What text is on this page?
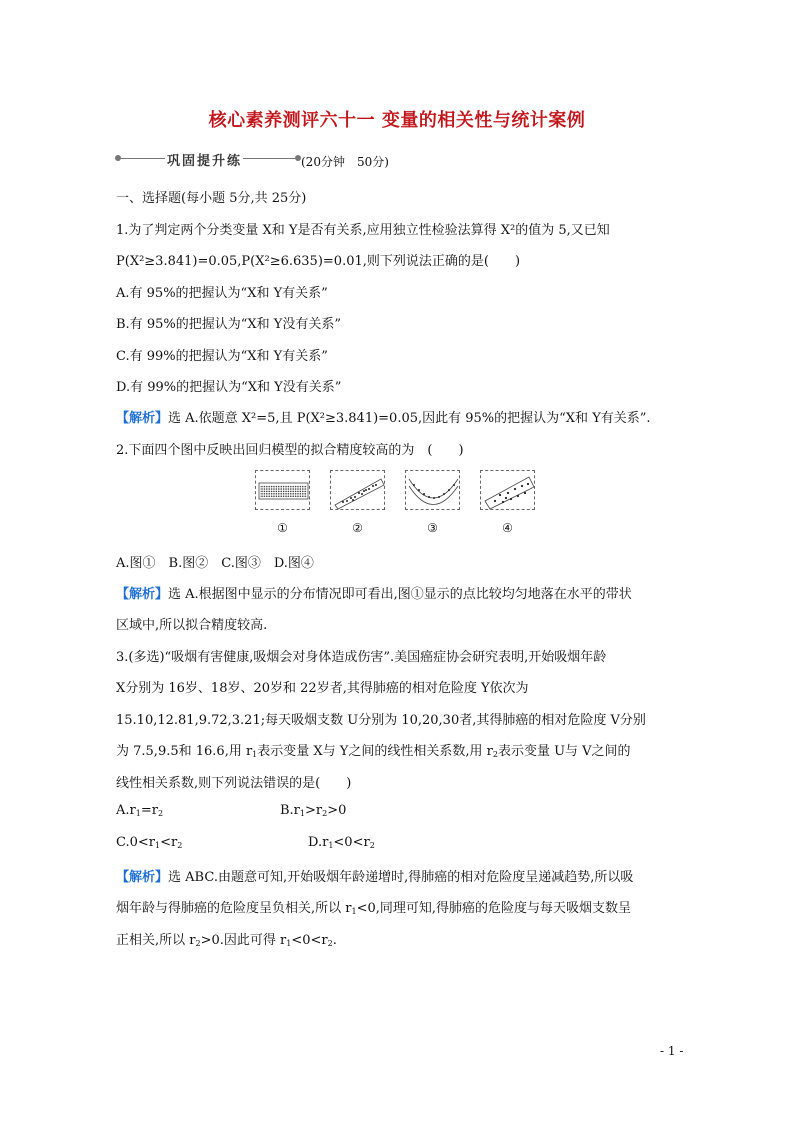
核心素养测评六十一 变量的相关性与统计案例
巩固提升练	(20分钟　50分)
一、选择题(每小题 5分,共 25分)
1.为了判定两个分类变量 X和 Y是否有关系,应用独立性检验法算得 Χ²的值为 5,又已知
P(Χ²≥3.841)=0.05,P(Χ²≥6.635)=0.01,则下列说法正确的是(　　)
A.有 95%的把握认为“X和 Y有关系”
B.有 95%的把握认为“X和 Y没有关系”
C.有 99%的把握认为“X和 Y有关系”
D.有 99%的把握认为“X和 Y没有关系”
【解析】选 A.依题意 Χ²=5,且 P(Χ²≥3.841)=0.05,因此有 95%的把握认为“X和 Y有关系”.
2.下面四个图中反映出回归模型的拟合精度较高的为　(　　)
①	②	③	④
A.图①　B.图②　C.图③　D.图④
【解析】选 A.根据图中显示的分布情况即可看出,图①显示的点比较均匀地落在水平的带状
区域中,所以拟合精度较高.
3.(多选)“吸烟有害健康,吸烟会对身体造成伤害”.美国癌症协会研究表明,开始吸烟年龄
X分别为 16岁、18岁、20岁和 22岁者,其得肺癌的相对危险度 Y依次为
15.10,12.81,9.72,3.21;每天吸烟支数 U分别为 10,20,30者,其得肺癌的相对危险度 V分别
为 7.5,9.5和 16.6,用 $r_1$表示变量 X与 Y之间的线性相关系数,用 $r_2$表示变量 U与 V之间的
线性相关系数,则下列说法错误的是(　　)
$A.r_1=r_2$	$B.r_1>r_2>0$
$C.0<r_1<r_2$	$D.r_1<0<r_2$
【解析】选 ABC.由题意可知,开始吸烟年龄递增时,得肺癌的相对危险度呈递减趋势,所以吸
烟年龄与得肺癌的危险度呈负相关,所以 $r_1<0$,同理可知,得肺癌的危险度与每天吸烟支数呈
正相关,所以 $r_2>0$.因此可得 $r_1<0<r_2$.
- 1 -
